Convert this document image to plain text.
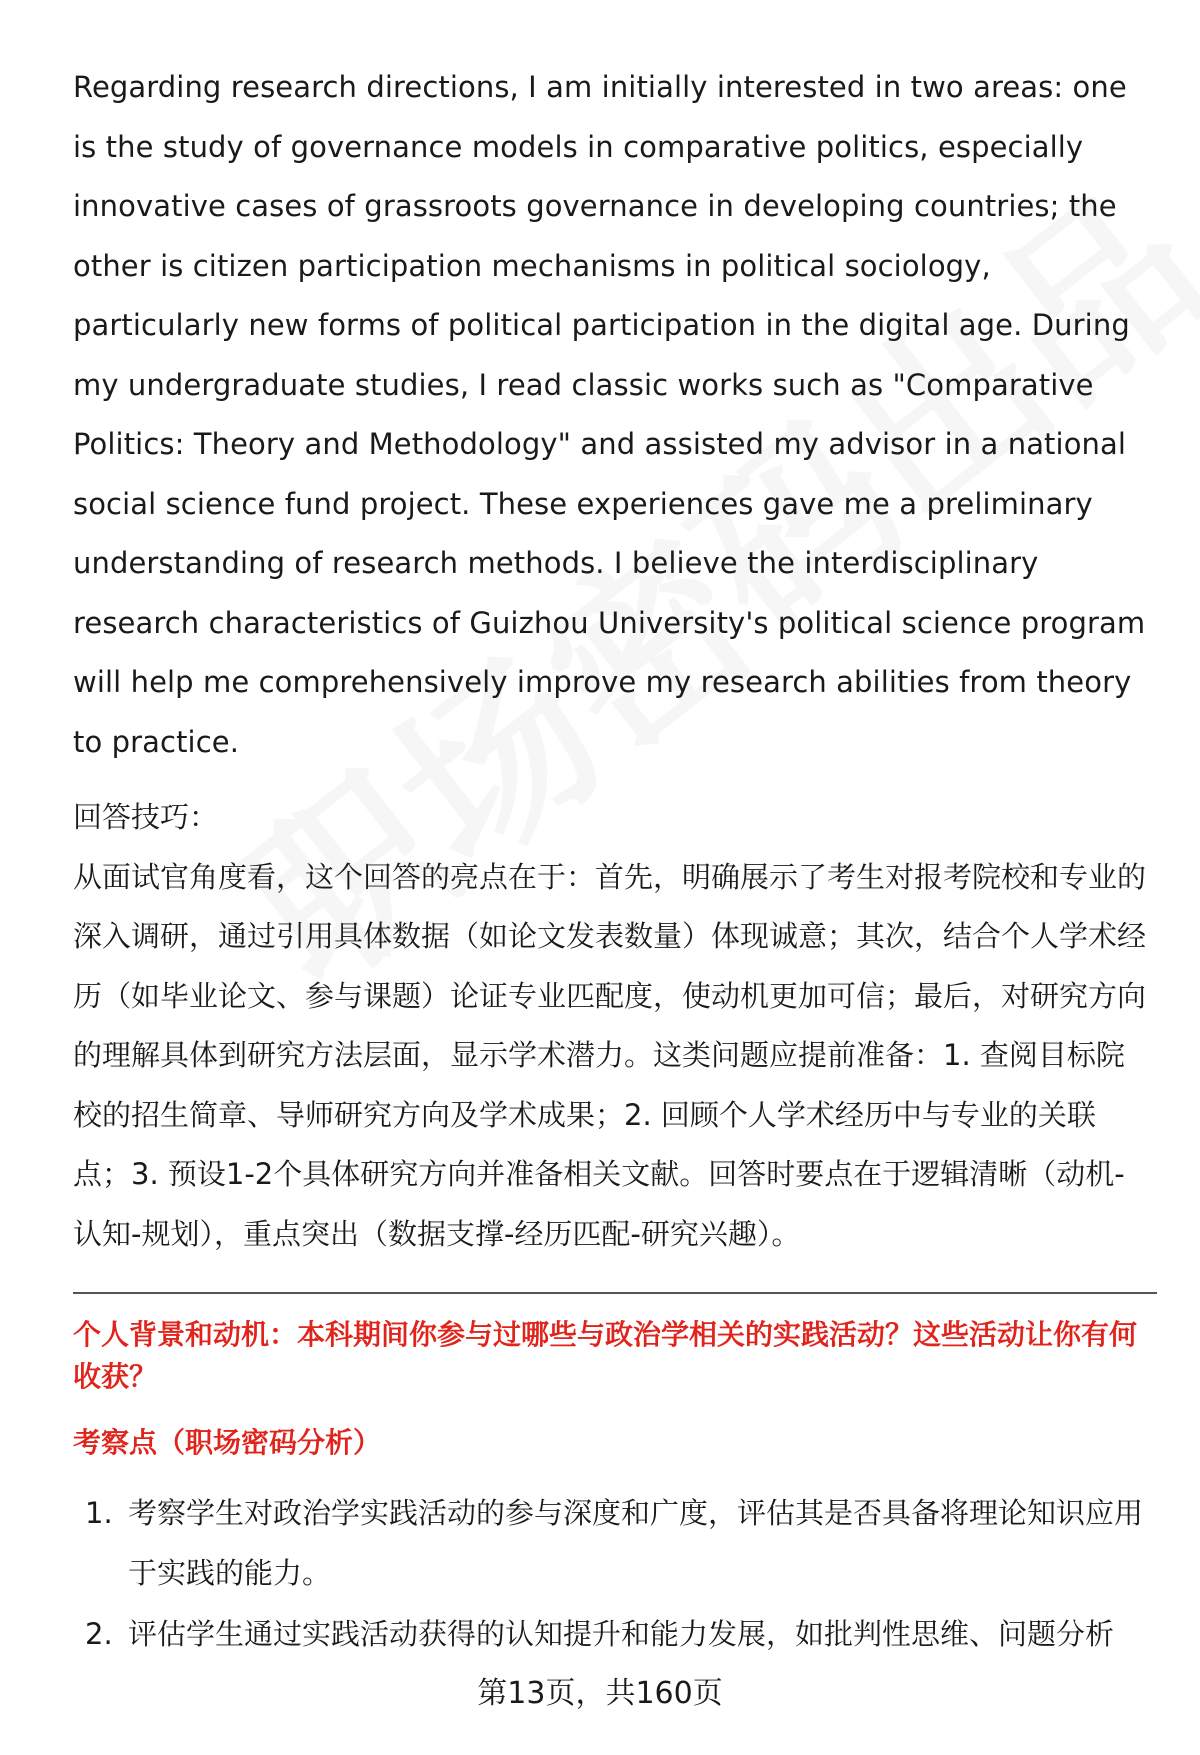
Regarding research directions, I am initially interested in two areas: one is the study of governance models in comparative politics, especially innovative cases of grassroots governance in developing countries; the other is citizen participation mechanisms in political sociology, particularly new forms of political participation in the digital age. During my undergraduate studies, I read classic works such as "Comparative Politics: Theory and Methodology" and assisted my advisor in a national social science fund project. These experiences gave me a preliminary understanding of research methods. I believe the interdisciplinary research characteristics of Guizhou University's political science program will help me comprehensively improve my research abilities from theory to practice.

回答技巧：

从面试官角度看，这个回答的亮点在于：首先，明确展示了考生对报考院校和专业的深入调研，通过引用具体数据（如论文发表数量）体现诚意；其次，结合个人学术经历（如毕业论文、参与课题）论证专业匹配度，使动机更加可信；最后，对研究方向的理解具体到研究方法层面，显示学术潜力。这类问题应提前准备：1. 查阅目标院校的招生简章、导师研究方向及学术成果；2. 回顾个人学术经历中与专业的关联点；3. 预设1-2个具体研究方向并准备相关文献。回答时要点在于逻辑清晰（动机-认知-规划），重点突出（数据支撑-经历匹配-研究兴趣）。

个人背景和动机：本科期间你参与过哪些与政治学相关的实践活动？这些活动让你有何收获？

考察点（职场密码分析）

1. 考察学生对政治学实践活动的参与深度和广度，评估其是否具备将理论知识应用于实践的能力。
2. 评估学生通过实践活动获得的认知提升和能力发展，如批判性思维、问题分析
第13页，共160页
